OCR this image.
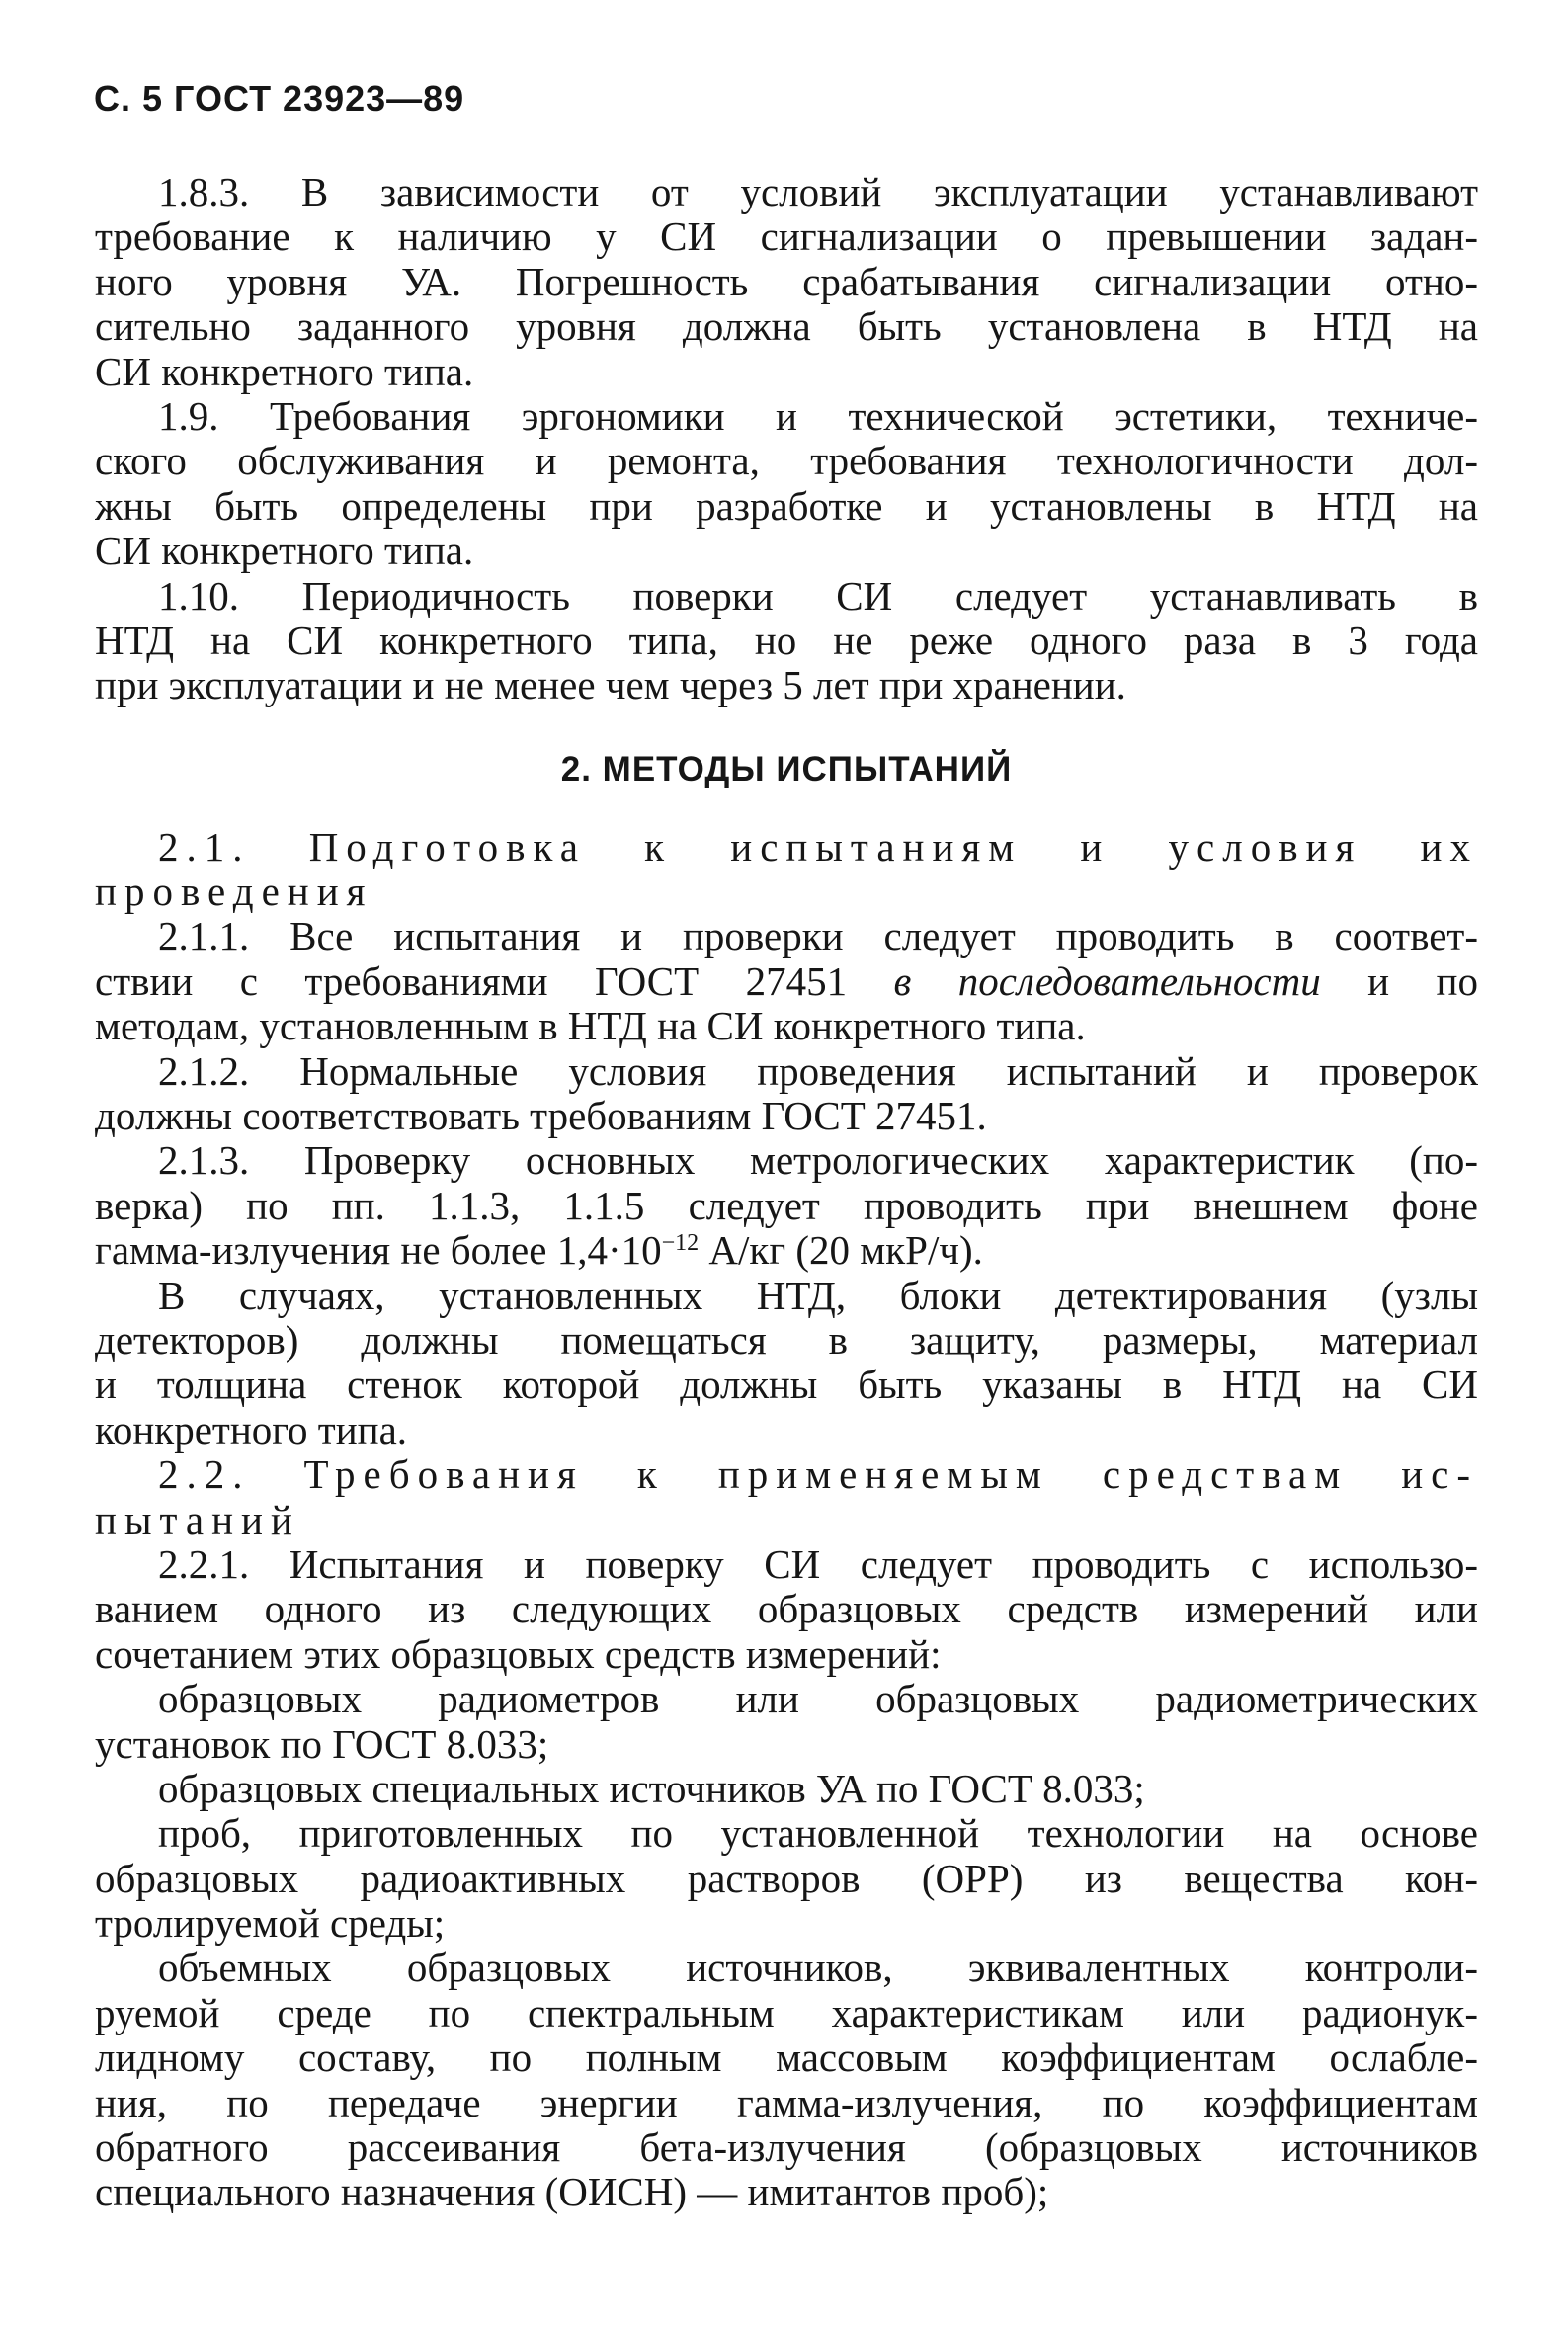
С. 5 ГОСТ 23923—89
1.8.3. В зависимости от условий эксплуатации устанавливают
требование к наличию у СИ сигнализации о превышении задан-
ного уровня УА. Погрешность срабатывания сигнализации отно-
сительно заданного уровня должна быть установлена в НТД на
СИ конкретного типа.
1.9. Требования эргономики и технической эстетики, техниче-
ского обслуживания и ремонта, требования технологичности дол-
жны быть определены при разработке и установлены в НТД на
СИ конкретного типа.
1.10. Периодичность поверки СИ следует устанавливать в
НТД на СИ конкретного типа, но не реже одного раза в 3 года
при эксплуатации и не менее чем через 5 лет при хранении.
2. МЕТОДЫ ИСПЫТАНИЙ
2.1. Подготовка к испытаниям и условия их
проведения
2.1.1. Все испытания и проверки следует проводить в соответ-
ствии с требованиями ГОСТ 27451 в последовательности и по
методам, установленным в НТД на СИ конкретного типа.
2.1.2. Нормальные условия проведения испытаний и проверок
должны соответствовать требованиям ГОСТ 27451.
2.1.3. Проверку основных метрологических характеристик (по-
верка) по пп. 1.1.3, 1.1.5 следует проводить при внешнем фоне
гамма-излучения не более $1,4\cdot 10^{-12}$ А/кг (20 мкР/ч).
В случаях, установленных НТД, блоки детектирования (узлы
детекторов) должны помещаться в защиту, размеры, материал
и толщина стенок которой должны быть указаны в НТД на СИ
конкретного типа.
2.2. Требования к применяемым средствам ис-
пытаний
2.2.1. Испытания и поверку СИ следует проводить с использо-
ванием одного из следующих образцовых средств измерений или
сочетанием этих образцовых средств измерений:
образцовых радиометров или образцовых радиометрических
установок по ГОСТ 8.033;
образцовых специальных источников УА по ГОСТ 8.033;
проб, приготовленных по установленной технологии на основе
образцовых радиоактивных растворов (ОРР) из вещества кон-
тролируемой среды;
объемных образцовых источников, эквивалентных контроли-
руемой среде по спектральным характеристикам или радионук-
лидному составу, по полным массовым коэффициентам ослабле-
ния, по передаче энергии гамма-излучения, по коэффициентам
обратного рассеивания бета-излучения (образцовых источников
специального назначения (ОИСН) — имитантов проб);
